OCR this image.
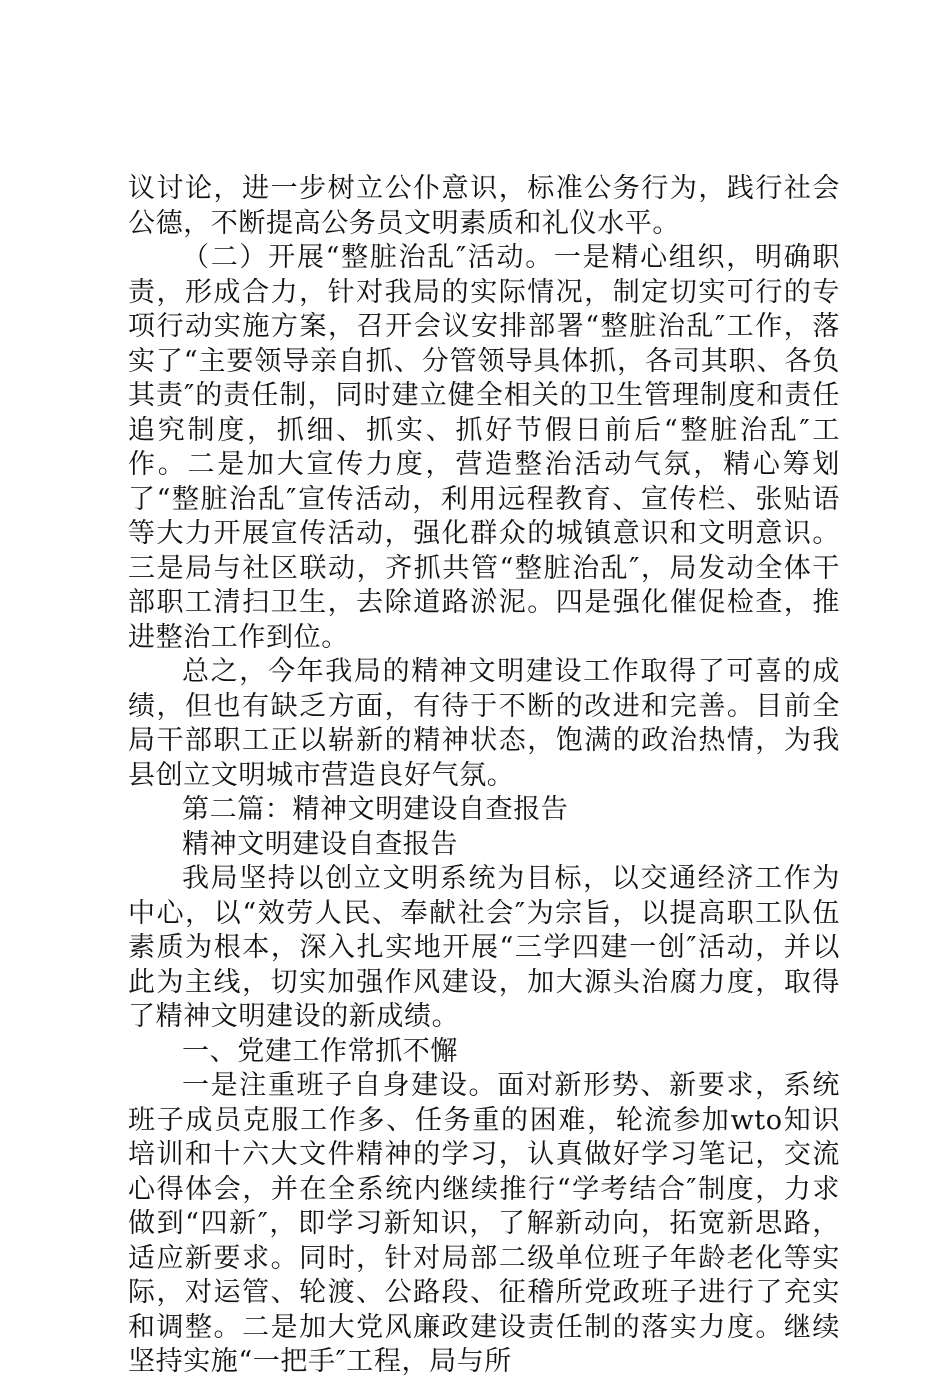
议讨论，进一步树立公仆意识，标准公务行为，践行社会公德，不断提高公务员文明素质和礼仪水平。

（二）开展“整脏治乱″活动。一是精心组织，明确职责，形成合力，针对我局的实际情况，制定切实可行的专项行动实施方案，召开会议安排部署“整脏治乱″工作，落实了“主要领导亲自抓、分管领导具体抓，各司其职、各负其责″的责任制，同时建立健全相关的卫生管理制度和责任追究制度，抓细、抓实、抓好节假日前后“整脏治乱″工作。二是加大宣传力度，营造整治活动气氛，精心筹划了“整脏治乱″宣传活动，利用远程教育、宣传栏、张贴语等大力开展宣传活动，强化群众的城镇意识和文明意识。三是局与社区联动，齐抓共管“整脏治乱″，局发动全体干部职工清扫卫生，去除道路淤泥。四是强化催促检查，推进整治工作到位。

总之，今年我局的精神文明建设工作取得了可喜的成绩，但也有缺乏方面，有待于不断的改进和完善。目前全局干部职工正以崭新的精神状态，饱满的政治热情，为我县创立文明城市营造良好气氛。

第二篇：精神文明建设自查报告

精神文明建设自查报告

我局坚持以创立文明系统为目标，以交通经济工作为中心，以“效劳人民、奉献社会″为宗旨，以提高职工队伍素质为根本，深入扎实地开展“三学四建一创″活动，并以此为主线，切实加强作风建设，加大源头治腐力度，取得了精神文明建设的新成绩。

一、党建工作常抓不懈

一是注重班子自身建设。面对新形势、新要求，系统班子成员克服工作多、任务重的困难，轮流参加wto知识培训和十六大文件精神的学习，认真做好学习笔记，交流心得体会，并在全系统内继续推行“学考结合″制度，力求做到“四新″，即学习新知识，了解新动向，拓宽新思路，适应新要求。同时，针对局部二级单位班子年龄老化等实际，对运管、轮渡、公路段、征稽所党政班子进行了充实和调整。二是加大党风廉政建设责任制的落实力度。继续坚持实施“一把手″工程，局与所
